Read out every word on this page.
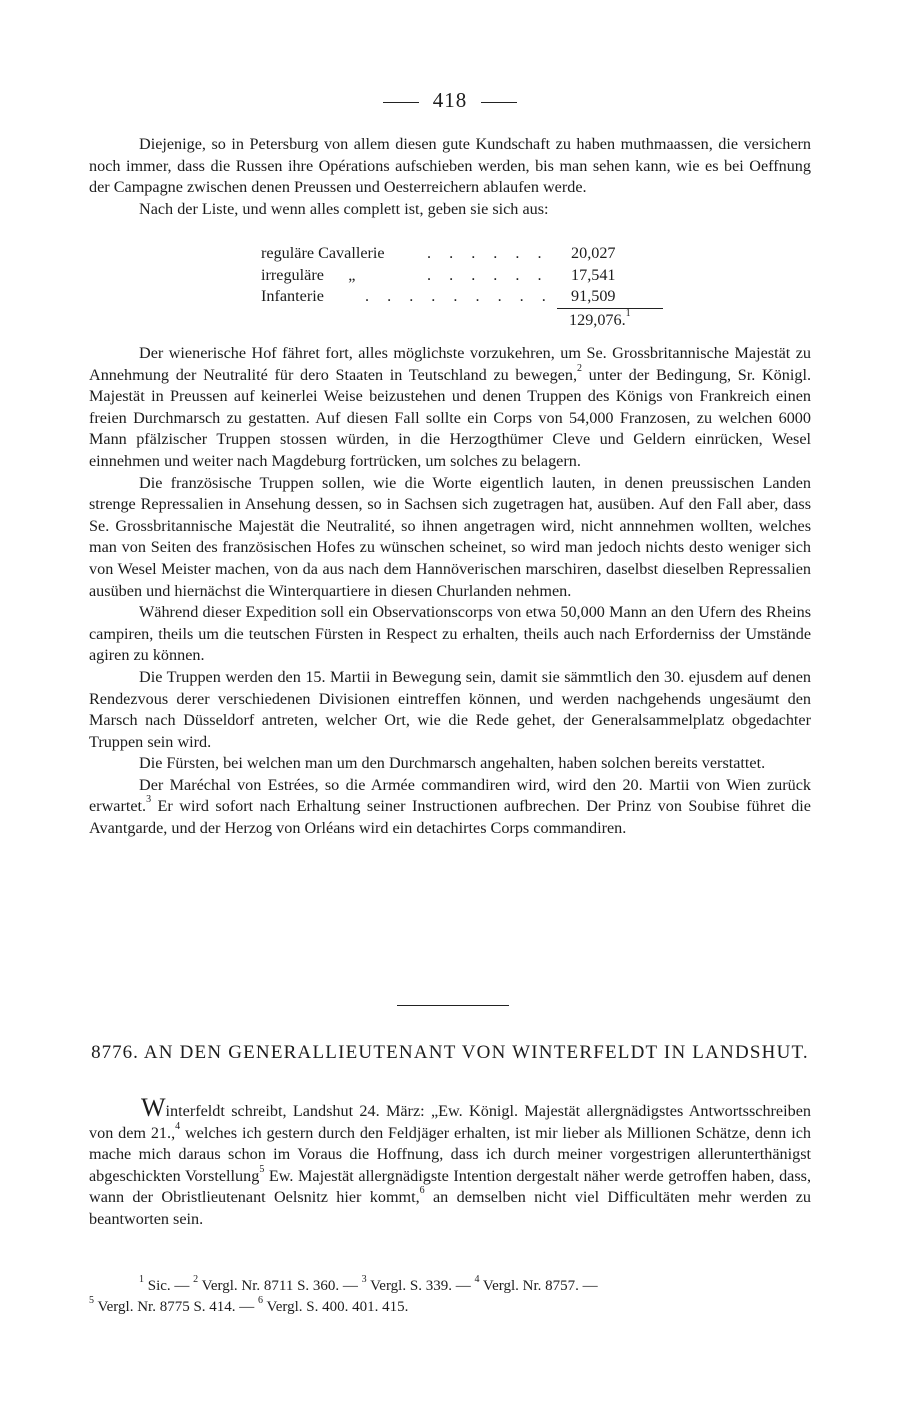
418

Diejenige, so in Petersburg von allem diesen gute Kundschaft zu haben muthmaassen, die versichern noch immer, dass die Russen ihre Opérations aufschieben werden, bis man sehen kann, wie es bei Oeffnung der Campagne zwischen denen Preussen und Oesterreichern ablaufen werde.

Nach der Liste, und wenn alles complett ist, geben sie sich aus:

reguläre Cavallerie	. . . . . . 20,027
irreguläre      „	. . . . . . 17,541
Infanterie	. . . . . . . . . 91,509
129,076.$^1$

Der wienerische Hof fähret fort, alles möglichste vorzukehren, um Se. Grossbritannische Majestät zu Annehmung der Neutralité für dero Staaten in Teutschland zu bewegen,$^2$ unter der Bedingung, Sr. Königl. Majestät in Preussen auf keinerlei Weise beizustehen und denen Truppen des Königs von Frankreich einen freien Durchmarsch zu gestatten. Auf diesen Fall sollte ein Corps von 54,000 Franzosen, zu welchen 6000 Mann pfälzischer Truppen stossen würden, in die Herzogthümer Cleve und Geldern einrücken, Wesel einnehmen und weiter nach Magdeburg fortrücken, um solches zu belagern.

Die französische Truppen sollen, wie die Worte eigentlich lauten, in denen preussischen Landen strenge Repressalien in Ansehung dessen, so in Sachsen sich zugetragen hat, ausüben. Auf den Fall aber, dass Se. Grossbritannische Majestät die Neutralité, so ihnen angetragen wird, nicht annnehmen wollten, welches man von Seiten des französischen Hofes zu wünschen scheinet, so wird man jedoch nichts desto weniger sich von Wesel Meister machen, von da aus nach dem Hannöverischen marschiren, daselbst dieselben Repressalien ausüben und hiernächst die Winterquartiere in diesen Churlanden nehmen.

Während dieser Expedition soll ein Observationscorps von etwa 50,000 Mann an den Ufern des Rheins campiren, theils um die teutschen Fürsten in Respect zu erhalten, theils auch nach Erforderniss der Umstände agiren zu können.

Die Truppen werden den 15. Martii in Bewegung sein, damit sie sämmtlich den 30. ejusdem auf denen Rendezvous derer verschiedenen Divisionen eintreffen können, und werden nachgehends ungesäumt den Marsch nach Düsseldorf antreten, welcher Ort, wie die Rede gehet, der Generalsammelplatz obgedachter Truppen sein wird.

Die Fürsten, bei welchen man um den Durchmarsch angehalten, haben solchen bereits verstattet.

Der Maréchal von Estrées, so die Armée commandiren wird, wird den 20. Martii von Wien zurück erwartet.$^3$ Er wird sofort nach Erhaltung seiner Instructionen aufbrechen. Der Prinz von Soubise führet die Avantgarde, und der Herzog von Orléans wird ein detachirtes Corps commandiren.

8776. AN DEN GENERALLIEUTENANT VON WINTERFELDT IN LANDSHUT.

Winterfeldt schreibt, Landshut 24. März: „Ew. Königl. Majestät allergnädigstes Antwortsschreiben von dem 21.,$^4$ welches ich gestern durch den Feldjäger erhalten, ist mir lieber als Millionen Schätze, denn ich mache mich daraus schon im Voraus die Hoffnung, dass ich durch meiner vorgestrigen allerunterthänigst abgeschickten Vorstellung$^5$ Ew. Majestät allergnädigste Intention dergestalt näher werde getroffen haben, dass, wann der Obristlieutenant Oelsnitz hier kommt,$^6$ an demselben nicht viel Difficultäten mehr werden zu beantworten sein.

$^1$ Sic. — $^2$ Vergl. Nr. 8711 S. 360. — $^3$ Vergl. S. 339. — $^4$ Vergl. Nr. 8757. —

$^5$ Vergl. Nr. 8775 S. 414. — $^6$ Vergl. S. 400. 401. 415.
